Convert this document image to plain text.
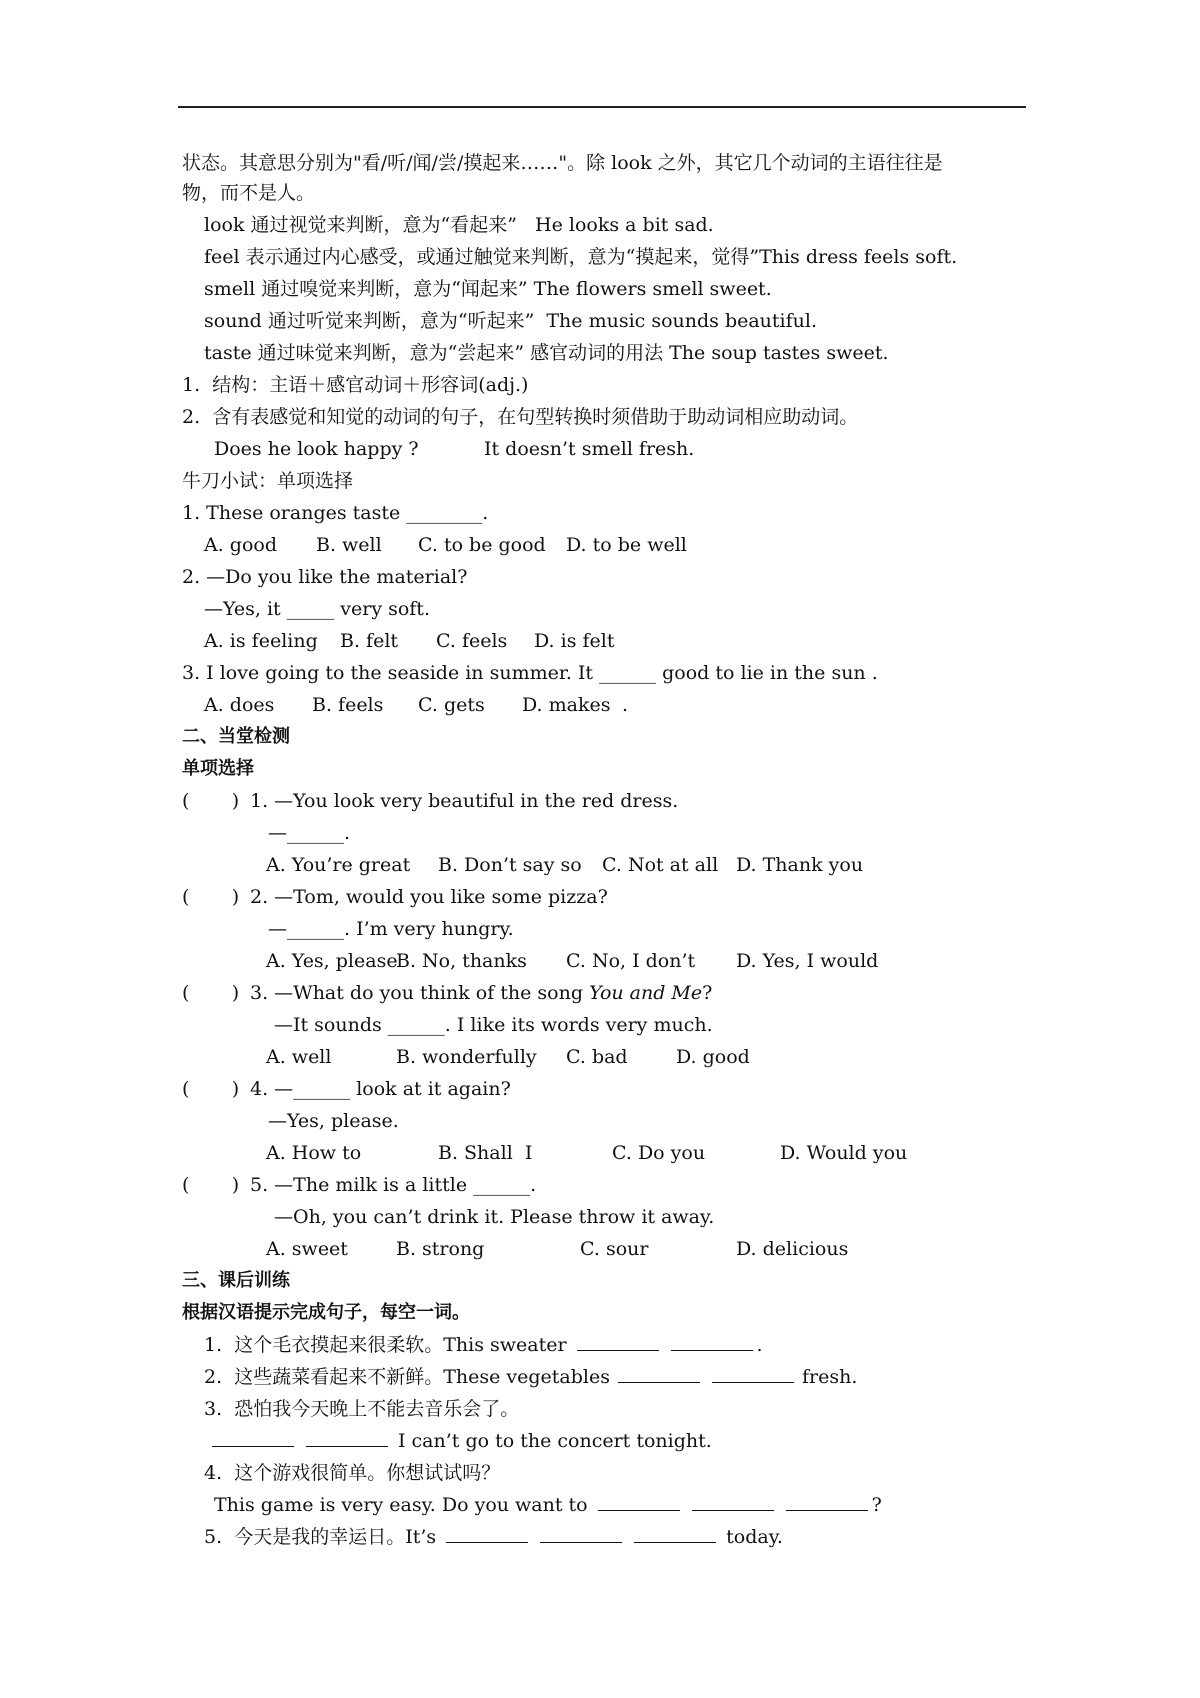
状态。其意思分别为"看/听/闻/尝/摸起来……"。除 look 之外，其它几个动词的主语往往是
物，而不是人。
look 通过视觉来判断，意为“看起来”   He looks a bit sad.
feel 表示通过内心感受，或通过触觉来判断，意为“摸起来，觉得”This dress feels soft.
smell 通过嗅觉来判断，意为“闻起来” The flowers smell sweet.
sound 通过听觉来判断，意为“听起来”  The music sounds beautiful.
taste 通过味觉来判断，意为“尝起来” 感官动词的用法 The soup tastes sweet.
1.  结构：主语＋感官动词＋形容词(adj.)
2.  含有表感觉和知觉的动词的句子，在句型转换时须借助于助动词相应助动词。
Does he look happy ?	It doesn’t smell fresh.
牛刀小试：单项选择
1. These oranges taste ________.
A. good B. well C. to be good D. to be well
2. —Do you like the material?
—Yes, it _____ very soft.
A. is feeling B. felt C. feels D. is felt
3. I love going to the seaside in summer. It ______ good to lie in the sun .
A. does B. feels C. gets D. makes .
二、当堂检测
单项选择
(       ) 1. —You look very beautiful in the red dress.
—______.
A. You’re great B. Don’t say so C. Not at all D. Thank you
(       ) 2. —Tom, would you like some pizza?
—______. I’m very hungry.
A. Yes, please
B. No, thanks C. No, I don’t D. Yes, I would
(       ) 3. —What do you think of the song You and Me?
—It sounds ______. I like its words very much.
A. well	B. wonderfully C. bad	D. good
(       ) 4. —______ look at it again?
—Yes, please.
A. How to	B. Shall  I	C. Do you	D. Would you
(       ) 5. —The milk is a little ______.
—Oh, you can’t drink it. Please throw it away.
A. sweet	B. strong	C. sour	D. delicious
三、课后训练
根据汉语提示完成句子，每空一词。
1.  这个毛衣摸起来很柔软。This sweater	.
2.  这些蔬菜看起来不新鲜。These vegetables	fresh.
3.  恐怕我今天晚上不能去音乐会了。
I can’t go to the concert tonight.
4.  这个游戏很简单。你想试试吗？
This game is very easy. Do you want to	?
5.  今天是我的幸运日。It’s	today.
